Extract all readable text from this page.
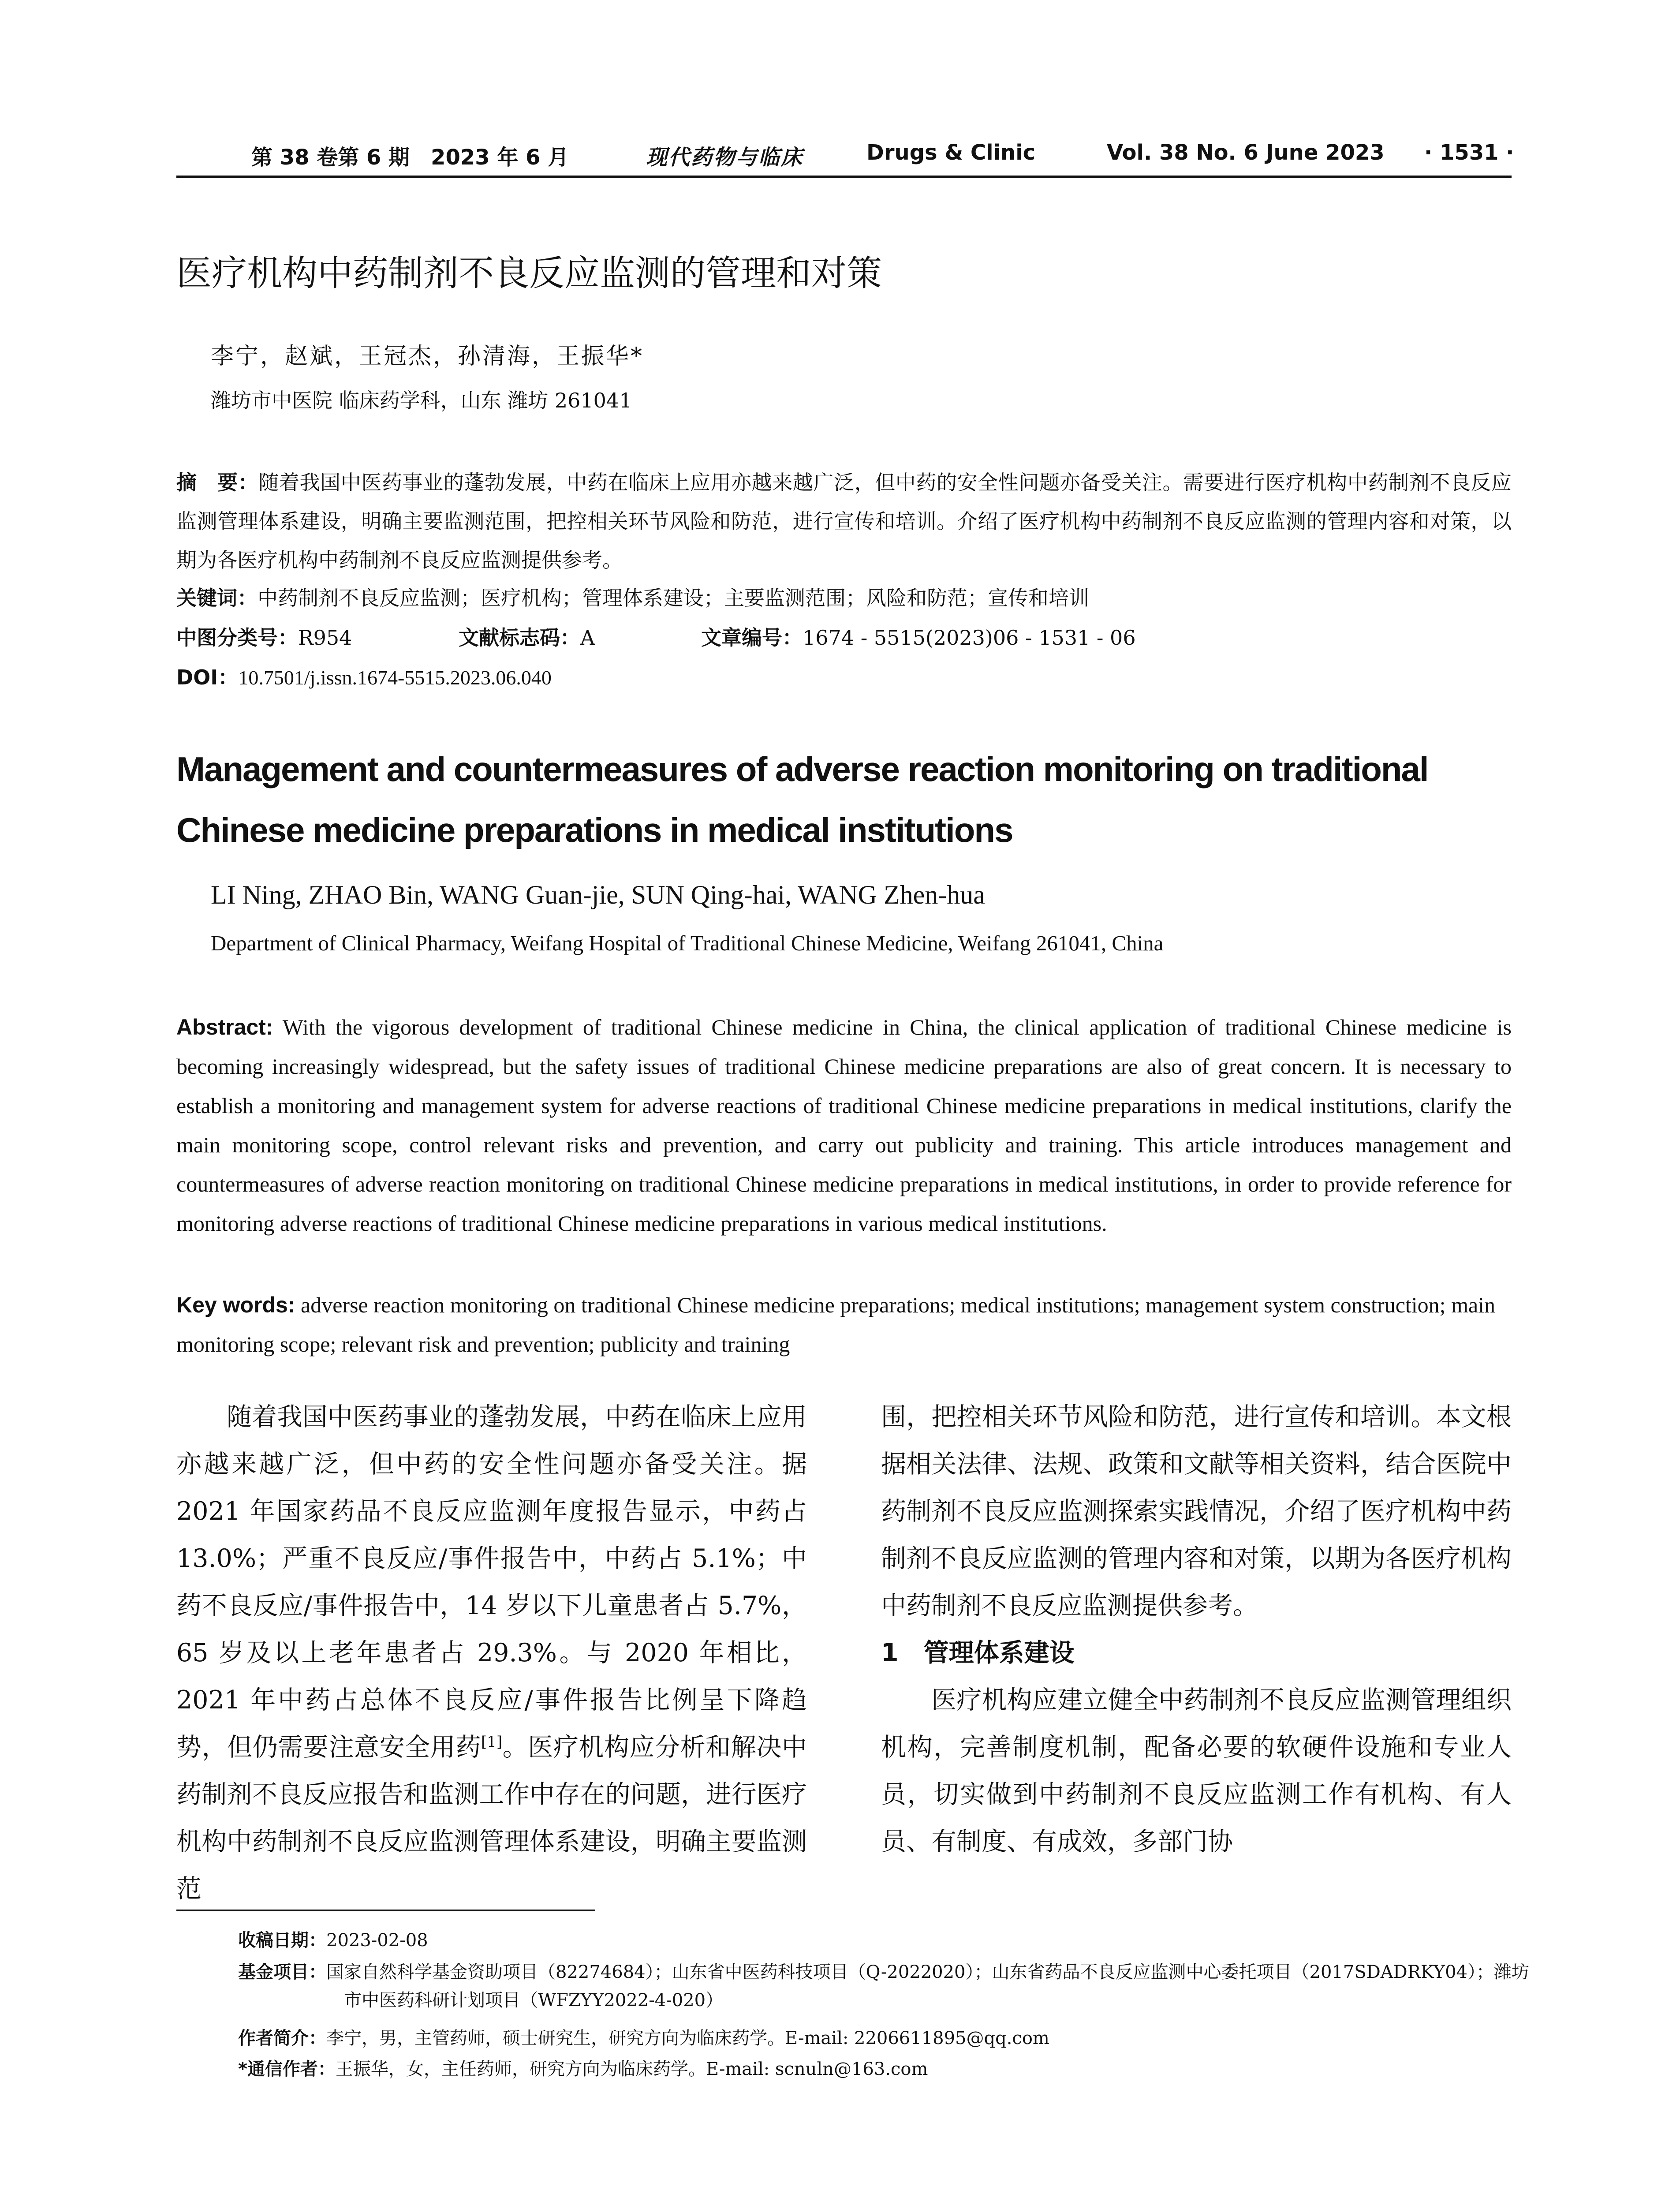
第 38 卷第 6 期　2023 年 6 月	现代药物与临床	Drugs & Clinic	Vol. 38 No. 6 June 2023 · 1531 ·
医疗机构中药制剂不良反应监测的管理和对策
李宁，赵斌，王冠杰，孙清海，王振华*
潍坊市中医院 临床药学科，山东 潍坊 261041
摘　要：随着我国中医药事业的蓬勃发展，中药在临床上应用亦越来越广泛，但中药的安全性问题亦备受关注。需要进行医疗机构中药制剂不良反应监测管理体系建设，明确主要监测范围，把控相关环节风险和防范，进行宣传和培训。介绍了医疗机构中药制剂不良反应监测的管理内容和对策，以期为各医疗机构中药制剂不良反应监测提供参考。
关键词：中药制剂不良反应监测；医疗机构；管理体系建设；主要监测范围；风险和防范；宣传和培训
中图分类号：R954	文献标志码：A	文章编号：1674 - 5515(2023)06 - 1531 - 06
DOI：10.7501/j.issn.1674-5515.2023.06.040
Management and countermeasures of adverse reaction monitoring on traditional Chinese medicine preparations in medical institutions
LI Ning, ZHAO Bin, WANG Guan-jie, SUN Qing-hai, WANG Zhen-hua
Department of Clinical Pharmacy, Weifang Hospital of Traditional Chinese Medicine, Weifang 261041, China
Abstract: With the vigorous development of traditional Chinese medicine in China, the clinical application of traditional Chinese medicine is becoming increasingly widespread, but the safety issues of traditional Chinese medicine preparations are also of great concern. It is necessary to establish a monitoring and management system for adverse reactions of traditional Chinese medicine preparations in medical institutions, clarify the main monitoring scope, control relevant risks and prevention, and carry out publicity and training. This article introduces management and countermeasures of adverse reaction monitoring on traditional Chinese medicine preparations in medical institutions, in order to provide reference for monitoring adverse reactions of traditional Chinese medicine preparations in various medical institutions.
Key words: adverse reaction monitoring on traditional Chinese medicine preparations; medical institutions; management system construction; main monitoring scope; relevant risk and prevention; publicity and training

随着我国中医药事业的蓬勃发展，中药在临床上应用亦越来越广泛，但中药的安全性问题亦备受关注。据 2021 年国家药品不良反应监测年度报告显示，中药占 13.0%；严重不良反应/事件报告中，中药占 5.1%；中药不良反应/事件报告中，14 岁以下儿童患者占 5.7%，65 岁及以上老年患者占 29.3%。与 2020 年相比，2021 年中药占总体不良反应/事件报告比例呈下降趋势，但仍需要注意安全用药[1]。医疗机构应分析和解决中药制剂不良反应报告和监测工作中存在的问题，进行医疗机构中药制剂不良反应监测管理体系建设，明确主要监测范

围，把控相关环节风险和防范，进行宣传和培训。本文根据相关法律、法规、政策和文献等相关资料，结合医院中药制剂不良反应监测探索实践情况，介绍了医疗机构中药制剂不良反应监测的管理内容和对策，以期为各医疗机构中药制剂不良反应监测提供参考。

1　管理体系建设

医疗机构应建立健全中药制剂不良反应监测管理组织机构，完善制度机制，配备必要的软硬件设施和专业人员，切实做到中药制剂不良反应监测工作有机构、有人员、有制度、有成效，多部门协

收稿日期：2023-02-08
基金项目：国家自然科学基金资助项目（82274684）；山东省中医药科技项目（Q-2022020）；山东省药品不良反应监测中心委托项目（2017SDADRKY04）；潍坊市中医药科研计划项目（WFZYY2022-4-020）
作者简介：李宁，男，主管药师，硕士研究生，研究方向为临床药学。E-mail: 2206611895@qq.com
*通信作者：王振华，女，主任药师，研究方向为临床药学。E-mail: scnuln@163.com
